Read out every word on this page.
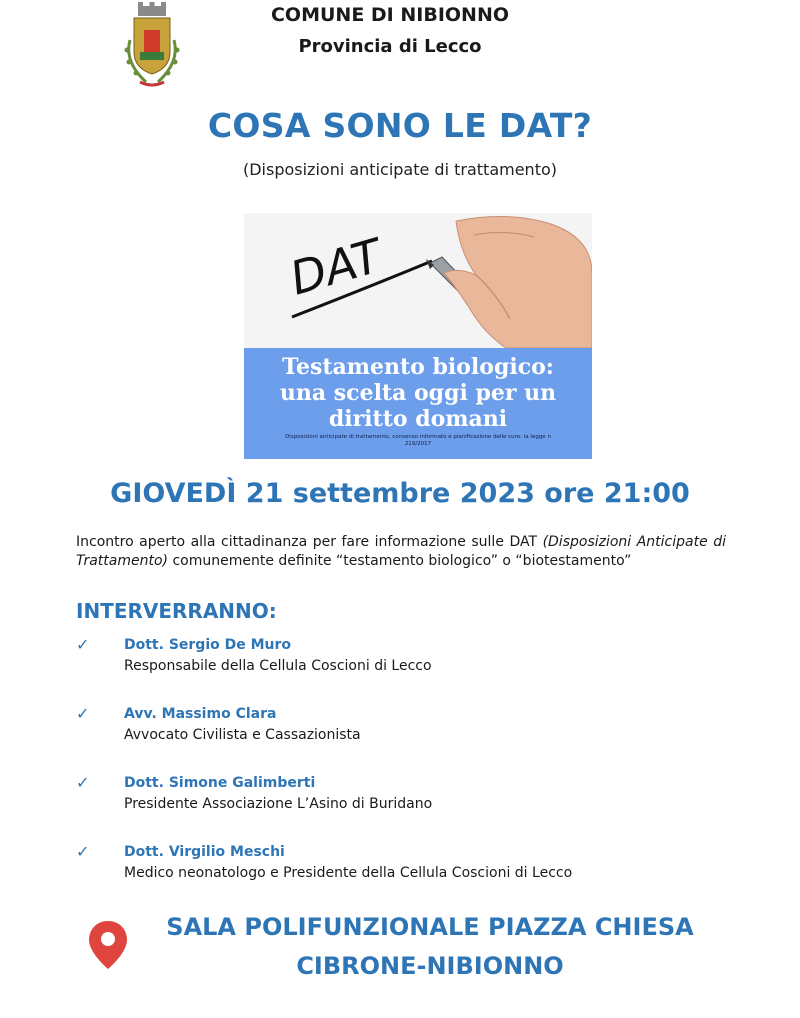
COMUNE DI NIBIONNO
Provincia di Lecco
COSA SONO LE DAT?
(Disposizioni anticipate di trattamento)
DAT
Testamento biologico:
una scelta oggi per un
diritto domani
Disposizioni anticipate di trattamento, consenso informato e pianificazione delle cure: la legge n 219/2017
GIOVEDÌ 21 settembre 2023 ore 21:00
Incontro aperto alla cittadinanza per fare informazione sulle DAT (Disposizioni Anticipate di Trattamento) comunemente definite “testamento biologico” o “biotestamento”
INTERVERRANNO:
✓ Dott. Sergio De Muro
Responsabile della Cellula Coscioni di Lecco
✓ Avv. Massimo Clara
Avvocato Civilista e Cassazionista
✓ Dott. Simone Galimberti
Presidente Associazione L’Asino di Buridano
✓ Dott. Virgilio Meschi
Medico neonatologo e Presidente della Cellula Coscioni di Lecco
SALA POLIFUNZIONALE PIAZZA CHIESA
CIBRONE-NIBIONNO
